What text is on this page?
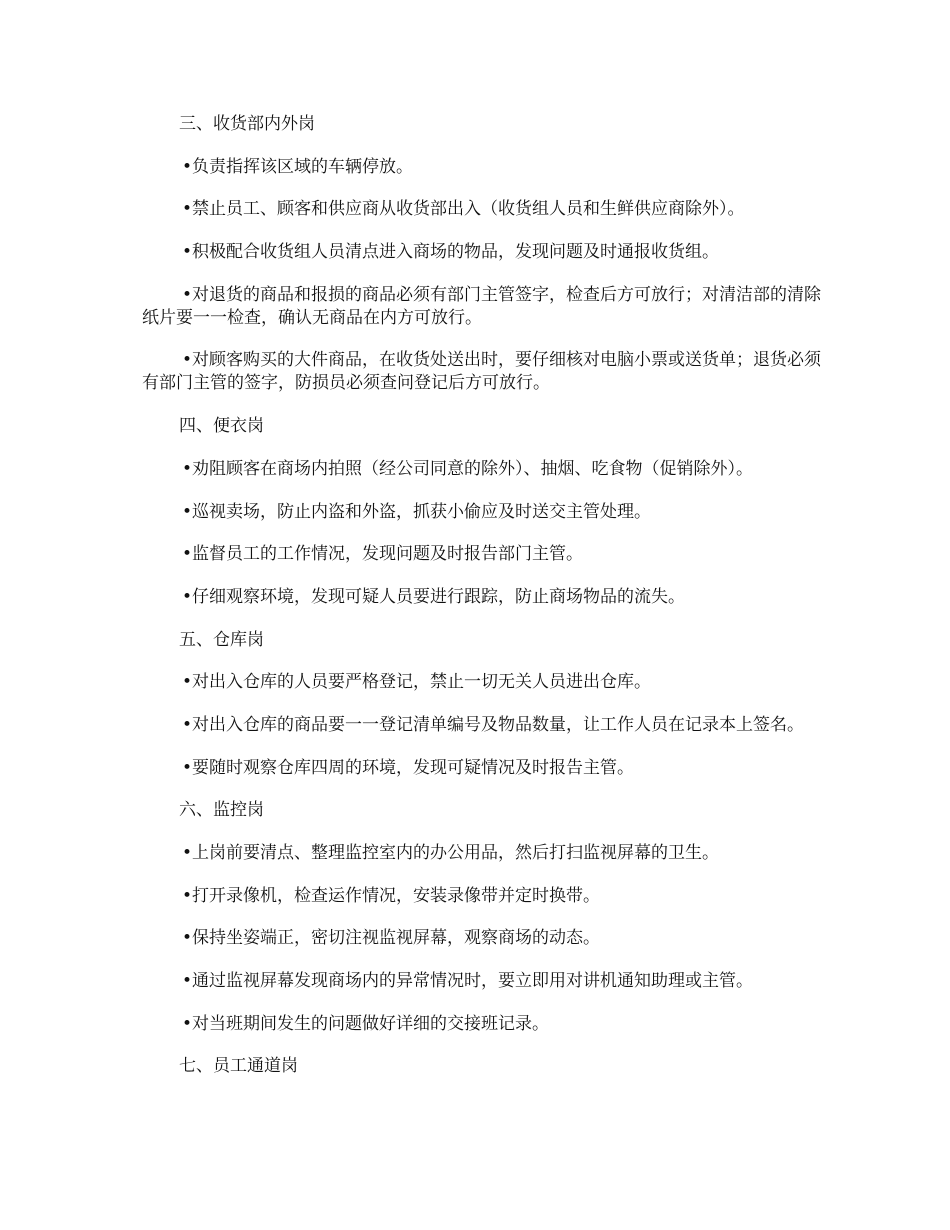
三、收货部内外岗

•负责指挥该区域的车辆停放。

•禁止员工、顾客和供应商从收货部出入（收货组人员和生鲜供应商除外）。

•积极配合收货组人员清点进入商场的物品，发现问题及时通报收货组。

•对退货的商品和报损的商品必须有部门主管签字，检查后方可放行；对清洁部的清除纸片要一一检查，确认无商品在内方可放行。

•对顾客购买的大件商品，在收货处送出时，要仔细核对电脑小票或送货单；退货必须有部门主管的签字，防损员必须查问登记后方可放行。

四、便衣岗

•劝阻顾客在商场内拍照（经公司同意的除外）、抽烟、吃食物（促销除外）。

•巡视卖场，防止内盗和外盗，抓获小偷应及时送交主管处理。

•监督员工的工作情况，发现问题及时报告部门主管。

•仔细观察环境，发现可疑人员要进行跟踪，防止商场物品的流失。

五、仓库岗

•对出入仓库的人员要严格登记，禁止一切无关人员进出仓库。

•对出入仓库的商品要一一登记清单编号及物品数量，让工作人员在记录本上签名。

•要随时观察仓库四周的环境，发现可疑情况及时报告主管。

六、监控岗

•上岗前要清点、整理监控室内的办公用品，然后打扫监视屏幕的卫生。

•打开录像机，检查运作情况，安装录像带并定时换带。

•保持坐姿端正，密切注视监视屏幕，观察商场的动态。

•通过监视屏幕发现商场内的异常情况时，要立即用对讲机通知助理或主管。

•对当班期间发生的问题做好详细的交接班记录。

七、员工通道岗
